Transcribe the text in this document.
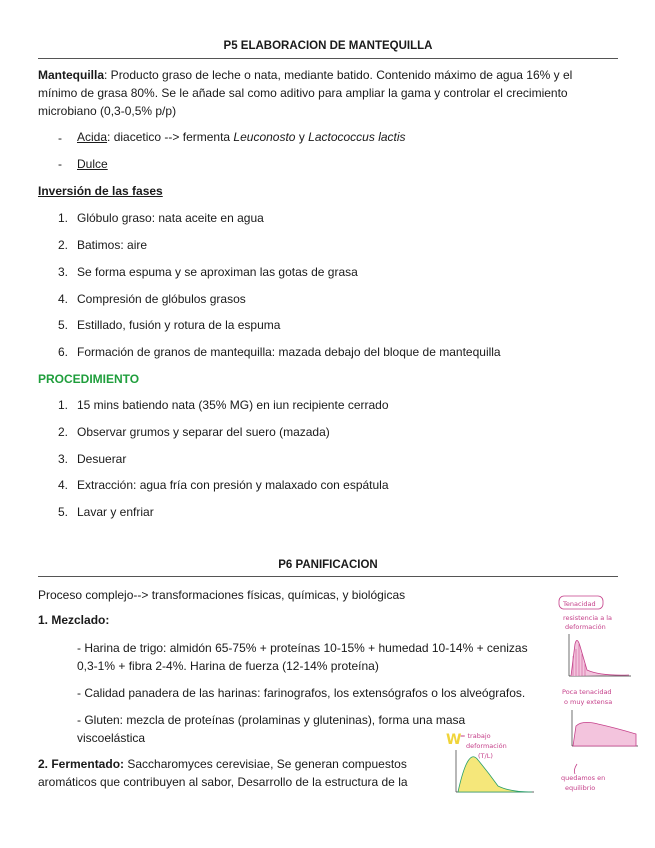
P5 ELABORACION DE MANTEQUILLA
Mantequilla: Producto graso de leche o nata, mediante batido. Contenido máximo de agua 16% y el
mínimo de grasa 80%. Se le añade sal como aditivo para ampliar la gama y controlar el crecimiento
microbiano (0,3-0,5% p/p)
- Acida: diacetico --> fermenta Leuconosto y Lactococcus lactis
- Dulce
Inversión de las fases
1. Glóbulo graso: nata aceite en agua
2. Batimos: aire
3. Se forma espuma y se aproximan las gotas de grasa
4. Compresión de glóbulos grasos
5. Estillado, fusión y rotura de la espuma
6. Formación de granos de mantequilla: mazada debajo del bloque de mantequilla
PROCEDIMIENTO
1. 15 mins batiendo nata (35% MG) en iun recipiente cerrado
2. Observar grumos y separar del suero (mazada)
3. Desuerar
4. Extracción: agua fría con presión y malaxado con espátula
5. Lavar y enfriar
P6 PANIFICACION
Proceso complejo--> transformaciones físicas, químicas, y biológicas
1. Mezclado:
- Harina de trigo: almidón 65-75% + proteínas 10-15% + humedad 10-14% + cenizas
0,3-1% + fibra 2-4%. Harina de fuerza (12-14% proteína)
- Calidad panadera de las harinas: farinografos, los extensógrafos o los alveógrafos.
- Gluten: mezcla de proteínas (prolaminas y gluteninas), forma una masa
viscoelástica
2. Fermentado: Saccharomyces cerevisiae, Se generan compuestos
aromáticos que contribuyen al sabor, Desarrollo de la estructura de la
Tenacidad
resistencia a la
deformación
Poca tenacidad
o muy extensa
W
= trabajo
deformación
(T/L)
quedamos en
equilibrio
